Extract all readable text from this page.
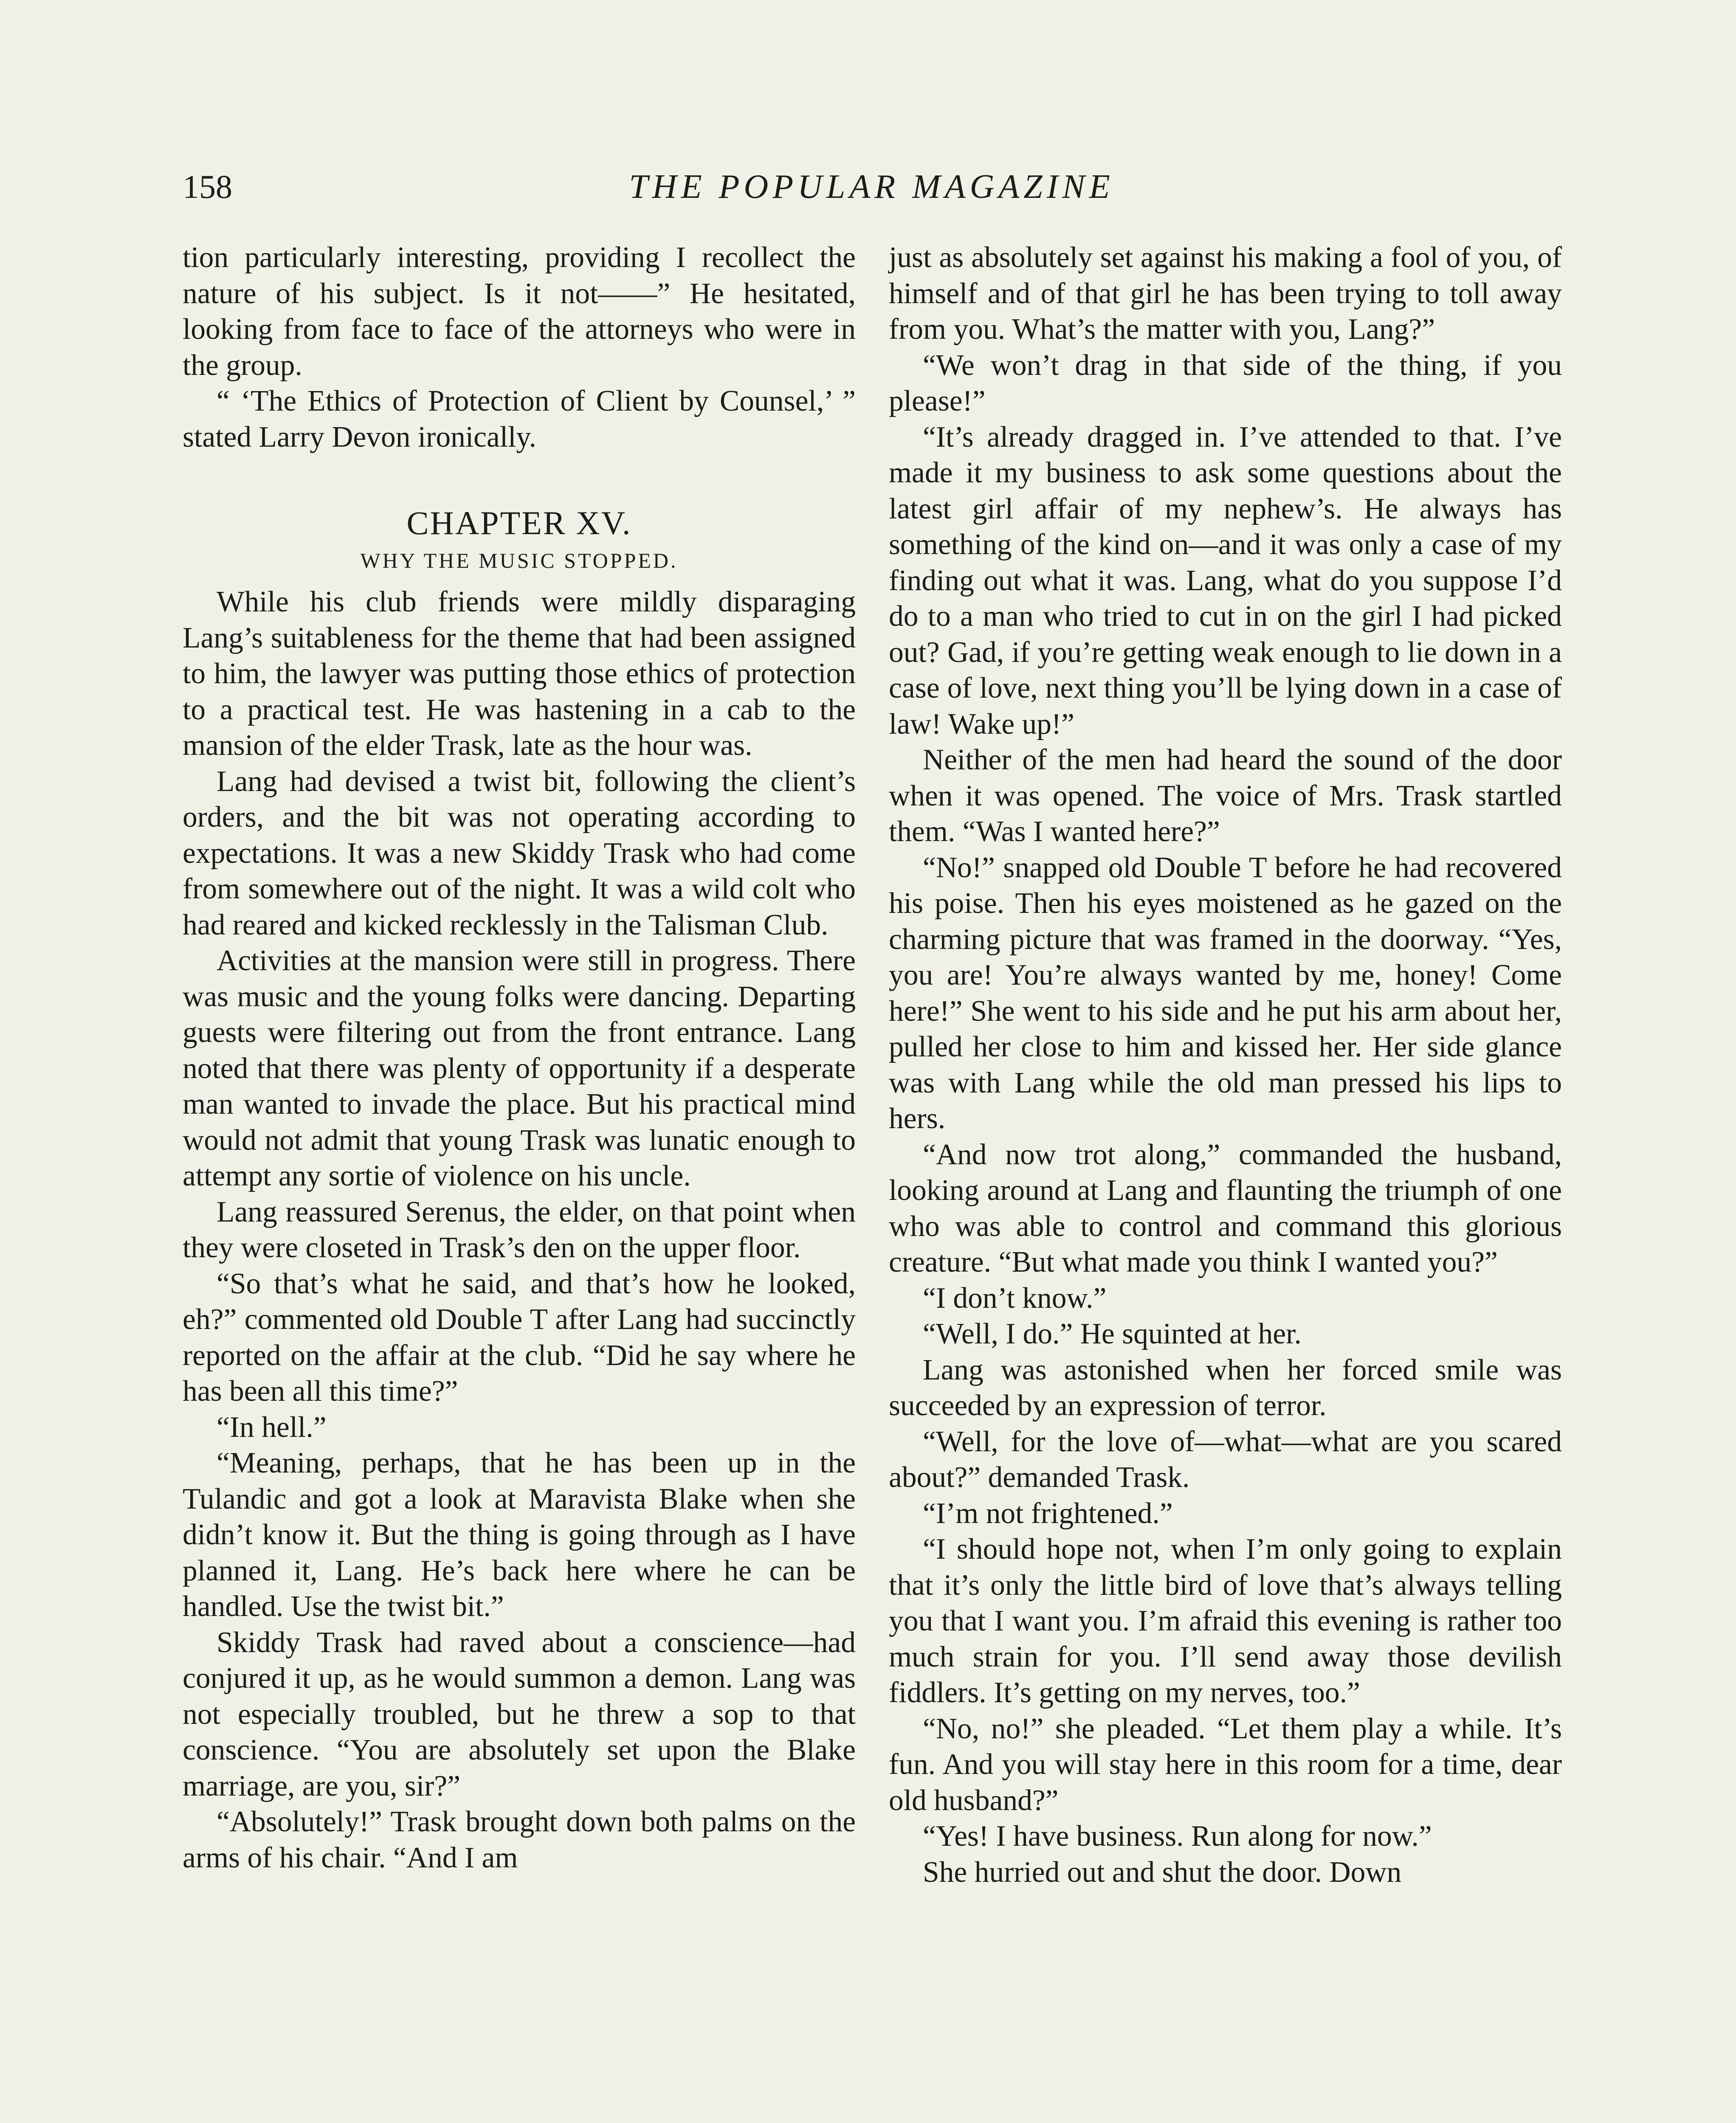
158	THE POPULAR MAGAZINE

tion particularly interesting, providing I recollect the nature of his subject. Is it not——” He hesitated, looking from face to face of the attorneys who were in the group.

“ ‘The Ethics of Protection of Client by Counsel,’ ” stated Larry Devon ironically.

CHAPTER XV.
WHY THE MUSIC STOPPED.

While his club friends were mildly disparaging Lang’s suitableness for the theme that had been assigned to him, the lawyer was putting those ethics of protection to a practical test. He was hastening in a cab to the mansion of the elder Trask, late as the hour was.

Lang had devised a twist bit, following the client’s orders, and the bit was not operating according to expectations. It was a new Skiddy Trask who had come from somewhere out of the night. It was a wild colt who had reared and kicked recklessly in the Talisman Club.

Activities at the mansion were still in progress. There was music and the young folks were dancing. Departing guests were filtering out from the front entrance. Lang noted that there was plenty of opportunity if a desperate man wanted to invade the place. But his practical mind would not admit that young Trask was lunatic enough to attempt any sortie of violence on his uncle.

Lang reassured Serenus, the elder, on that point when they were closeted in Trask’s den on the upper floor.

“So that’s what he said, and that’s how he looked, eh?” commented old Double T after Lang had succinctly reported on the affair at the club. “Did he say where he has been all this time?”

“In hell.”

“Meaning, perhaps, that he has been up in the Tulandic and got a look at Maravista Blake when she didn’t know it. But the thing is going through as I have planned it, Lang. He’s back here where he can be handled. Use the twist bit.”

Skiddy Trask had raved about a conscience—had conjured it up, as he would summon a demon. Lang was not especially troubled, but he threw a sop to that conscience. “You are absolutely set upon the Blake marriage, are you, sir?”

“Absolutely!” Trask brought down both palms on the arms of his chair. “And I am

just as absolutely set against his making a fool of you, of himself and of that girl he has been trying to toll away from you. What’s the matter with you, Lang?”

“We won’t drag in that side of the thing, if you please!”

“It’s already dragged in. I’ve attended to that. I’ve made it my business to ask some questions about the latest girl affair of my nephew’s. He always has something of the kind on—and it was only a case of my finding out what it was. Lang, what do you suppose I’d do to a man who tried to cut in on the girl I had picked out? Gad, if you’re getting weak enough to lie down in a case of love, next thing you’ll be lying down in a case of law! Wake up!”

Neither of the men had heard the sound of the door when it was opened. The voice of Mrs. Trask startled them. “Was I wanted here?”

“No!” snapped old Double T before he had recovered his poise. Then his eyes moistened as he gazed on the charming picture that was framed in the doorway. “Yes, you are! You’re always wanted by me, honey! Come here!” She went to his side and he put his arm about her, pulled her close to him and kissed her. Her side glance was with Lang while the old man pressed his lips to hers.

“And now trot along,” commanded the husband, looking around at Lang and flaunting the triumph of one who was able to control and command this glorious creature. “But what made you think I wanted you?”

“I don’t know.”

“Well, I do.” He squinted at her.

Lang was astonished when her forced smile was succeeded by an expression of terror.

“Well, for the love of—what—what are you scared about?” demanded Trask.

“I’m not frightened.”

“I should hope not, when I’m only going to explain that it’s only the little bird of love that’s always telling you that I want you. I’m afraid this evening is rather too much strain for you. I’ll send away those devilish fiddlers. It’s getting on my nerves, too.”

“No, no!” she pleaded. “Let them play a while. It’s fun. And you will stay here in this room for a time, dear old husband?”

“Yes! I have business. Run along for now.”

She hurried out and shut the door. Down
